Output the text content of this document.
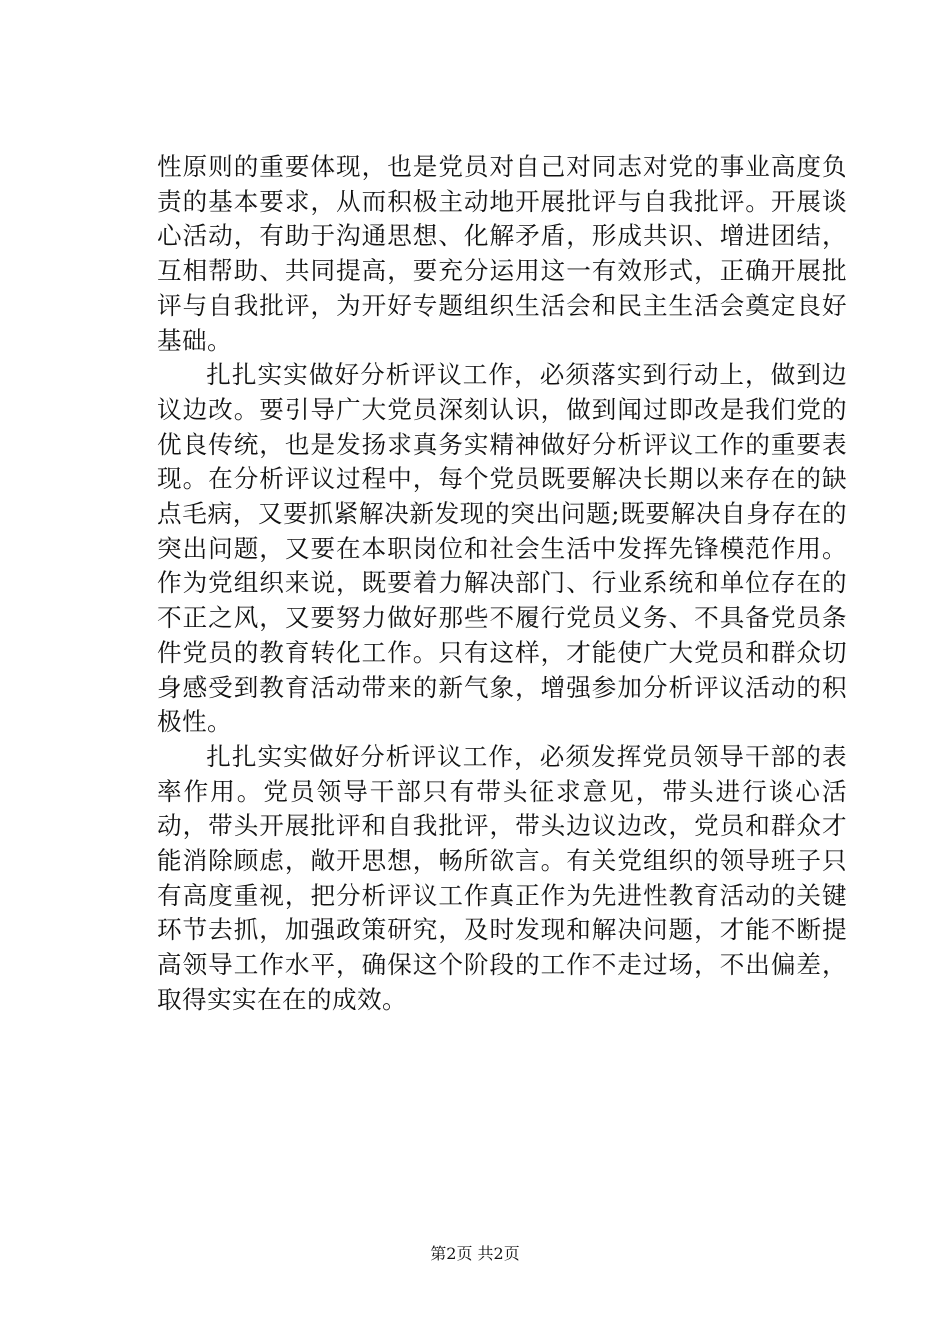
性原则的重要体现，也是党员对自己对同志对党的事业高度负责的基本要求，从而积极主动地开展批评与自我批评。开展谈心活动，有助于沟通思想、化解矛盾，形成共识、增进团结，互相帮助、共同提高，要充分运用这一有效形式，正确开展批评与自我批评，为开好专题组织生活会和民主生活会奠定良好基础。

扎扎实实做好分析评议工作，必须落实到行动上，做到边议边改。要引导广大党员深刻认识，做到闻过即改是我们党的优良传统，也是发扬求真务实精神做好分析评议工作的重要表现。在分析评议过程中，每个党员既要解决长期以来存在的缺点毛病，又要抓紧解决新发现的突出问题;既要解决自身存在的突出问题，又要在本职岗位和社会生活中发挥先锋模范作用。作为党组织来说，既要着力解决部门、行业系统和单位存在的不正之风，又要努力做好那些不履行党员义务、不具备党员条件党员的教育转化工作。只有这样，才能使广大党员和群众切身感受到教育活动带来的新气象，增强参加分析评议活动的积极性。

扎扎实实做好分析评议工作，必须发挥党员领导干部的表率作用。党员领导干部只有带头征求意见，带头进行谈心活动，带头开展批评和自我批评，带头边议边改，党员和群众才能消除顾虑，敞开思想，畅所欲言。有关党组织的领导班子只有高度重视，把分析评议工作真正作为先进性教育活动的关键环节去抓，加强政策研究，及时发现和解决问题，才能不断提高领导工作水平，确保这个阶段的工作不走过场，不出偏差，取得实实在在的成效。

第2页 共2页
